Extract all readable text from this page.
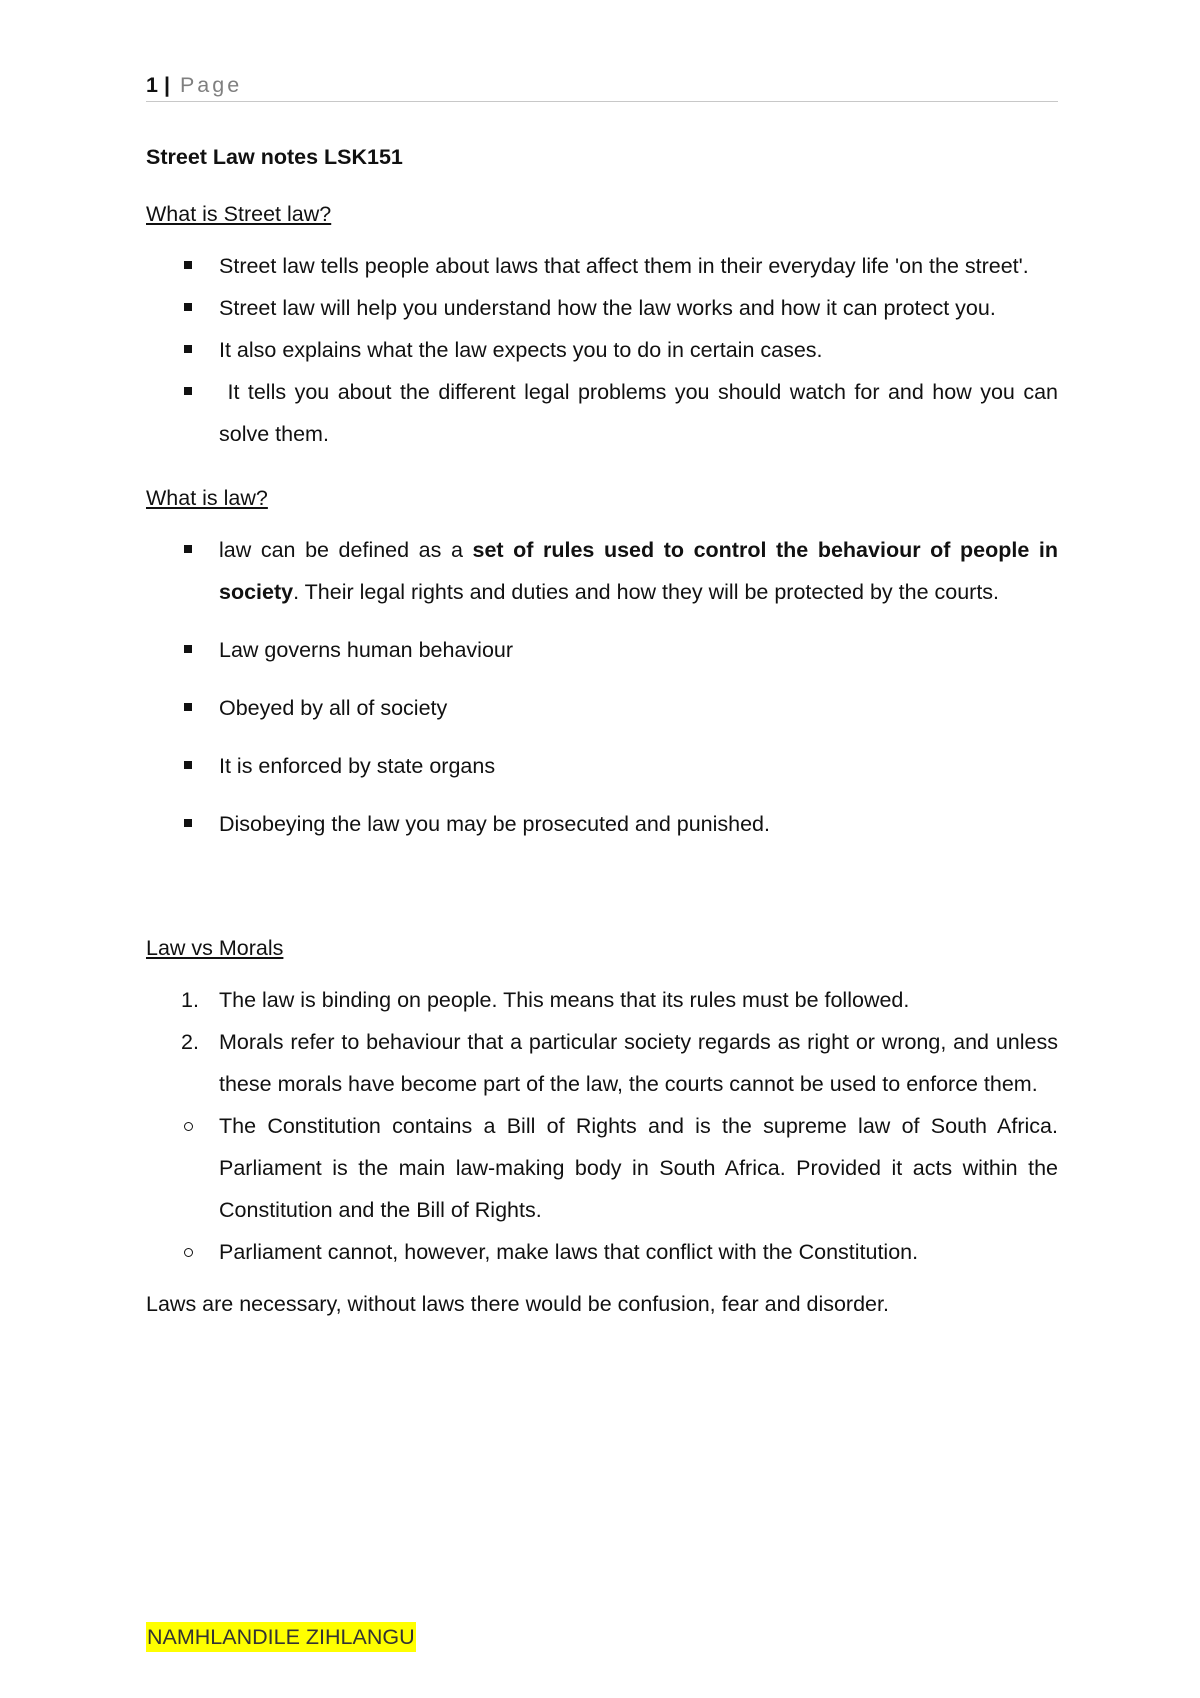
1 | Page

Street Law notes LSK151

What is Street law?

Street law tells people about laws that affect them in their everyday life 'on the street'.
Street law will help you understand how the law works and how it can protect you.
It also explains what the law expects you to do in certain cases.
It tells you about the different legal problems you should watch for and how you can solve them.

What is law?

law can be defined as a set of rules used to control the behaviour of people in society. Their legal rights and duties and how they will be protected by the courts.
Law governs human behaviour
Obeyed by all of society
It is enforced by state organs
Disobeying the law you may be prosecuted and punished.

Law vs Morals

1. The law is binding on people. This means that its rules must be followed.
2. Morals refer to behaviour that a particular society regards as right or wrong, and unless these morals have become part of the law, the courts cannot be used to enforce them.
The Constitution contains a Bill of Rights and is the supreme law of South Africa. Parliament is the main law-making body in South Africa. Provided it acts within the Constitution and the Bill of Rights.
Parliament cannot, however, make laws that conflict with the Constitution.

Laws are necessary, without laws there would be confusion, fear and disorder.

NAMHLANDILE ZIHLANGU
